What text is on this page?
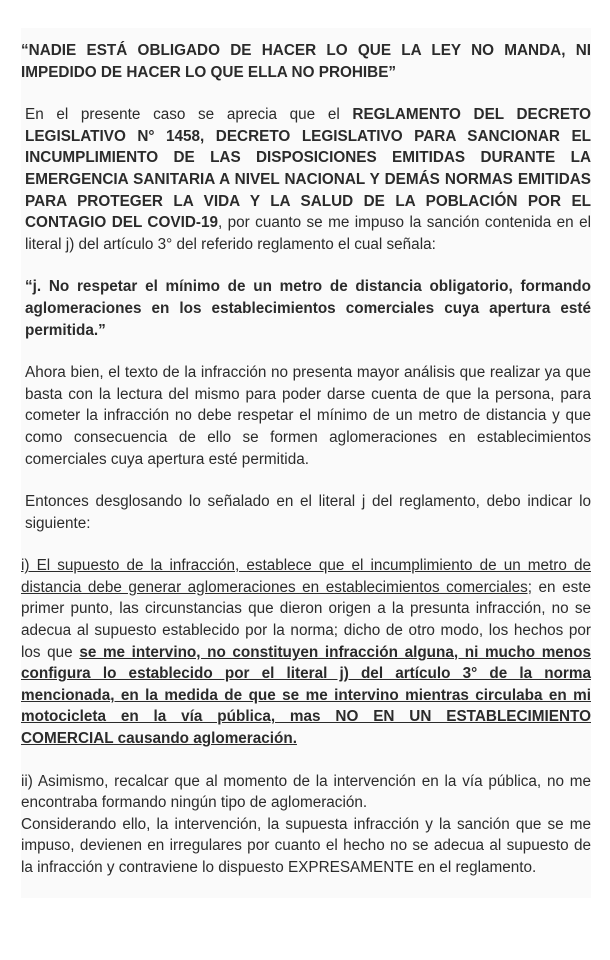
“NADIE ESTÁ OBLIGADO DE HACER LO QUE LA LEY NO MANDA, NI IMPEDIDO DE HACER LO QUE ELLA NO PROHIBE”

En el presente caso se aprecia que el REGLAMENTO DEL DECRETO LEGISLATIVO N° 1458, DECRETO LEGISLATIVO PARA SANCIONAR EL INCUMPLIMIENTO DE LAS DISPOSICIONES EMITIDAS DURANTE LA EMERGENCIA SANITARIA A NIVEL NACIONAL Y DEMÁS NORMAS EMITIDAS PARA PROTEGER LA VIDA Y LA SALUD DE LA POBLACIÓN POR EL CONTAGIO DEL COVID-19, por cuanto se me impuso la sanción contenida en el literal j) del artículo 3° del referido reglamento el cual señala:

“j. No respetar el mínimo de un metro de distancia obligatorio, formando aglomeraciones en los establecimientos comerciales cuya apertura esté permitida.”

Ahora bien, el texto de la infracción no presenta mayor análisis que realizar ya que basta con la lectura del mismo para poder darse cuenta de que la persona, para cometer la infracción no debe respetar el mínimo de un metro de distancia y que como consecuencia de ello se formen aglomeraciones en establecimientos comerciales cuya apertura esté permitida.

Entonces desglosando lo señalado en el literal j del reglamento, debo indicar lo siguiente:

i) El supuesto de la infracción, establece que el incumplimiento de un metro de distancia debe generar aglomeraciones en establecimientos comerciales; en este primer punto, las circunstancias que dieron origen a la presunta infracción, no se adecua al supuesto establecido por la norma; dicho de otro modo, los hechos por los que se me intervino, no constituyen infracción alguna, ni mucho menos configura lo establecido por el literal j) del artículo 3° de la norma mencionada, en la medida de que se me intervino mientras circulaba en mi motocicleta en la vía pública, mas NO EN UN ESTABLECIMIENTO COMERCIAL causando aglomeración.

ii) Asimismo, recalcar que al momento de la intervención en la vía pública, no me encontraba formando ningún tipo de aglomeración.

Considerando ello, la intervención, la supuesta infracción y la sanción que se me impuso, devienen en irregulares por cuanto el hecho no se adecua al supuesto de la infracción y contraviene lo dispuesto EXPRESAMENTE en el reglamento.
